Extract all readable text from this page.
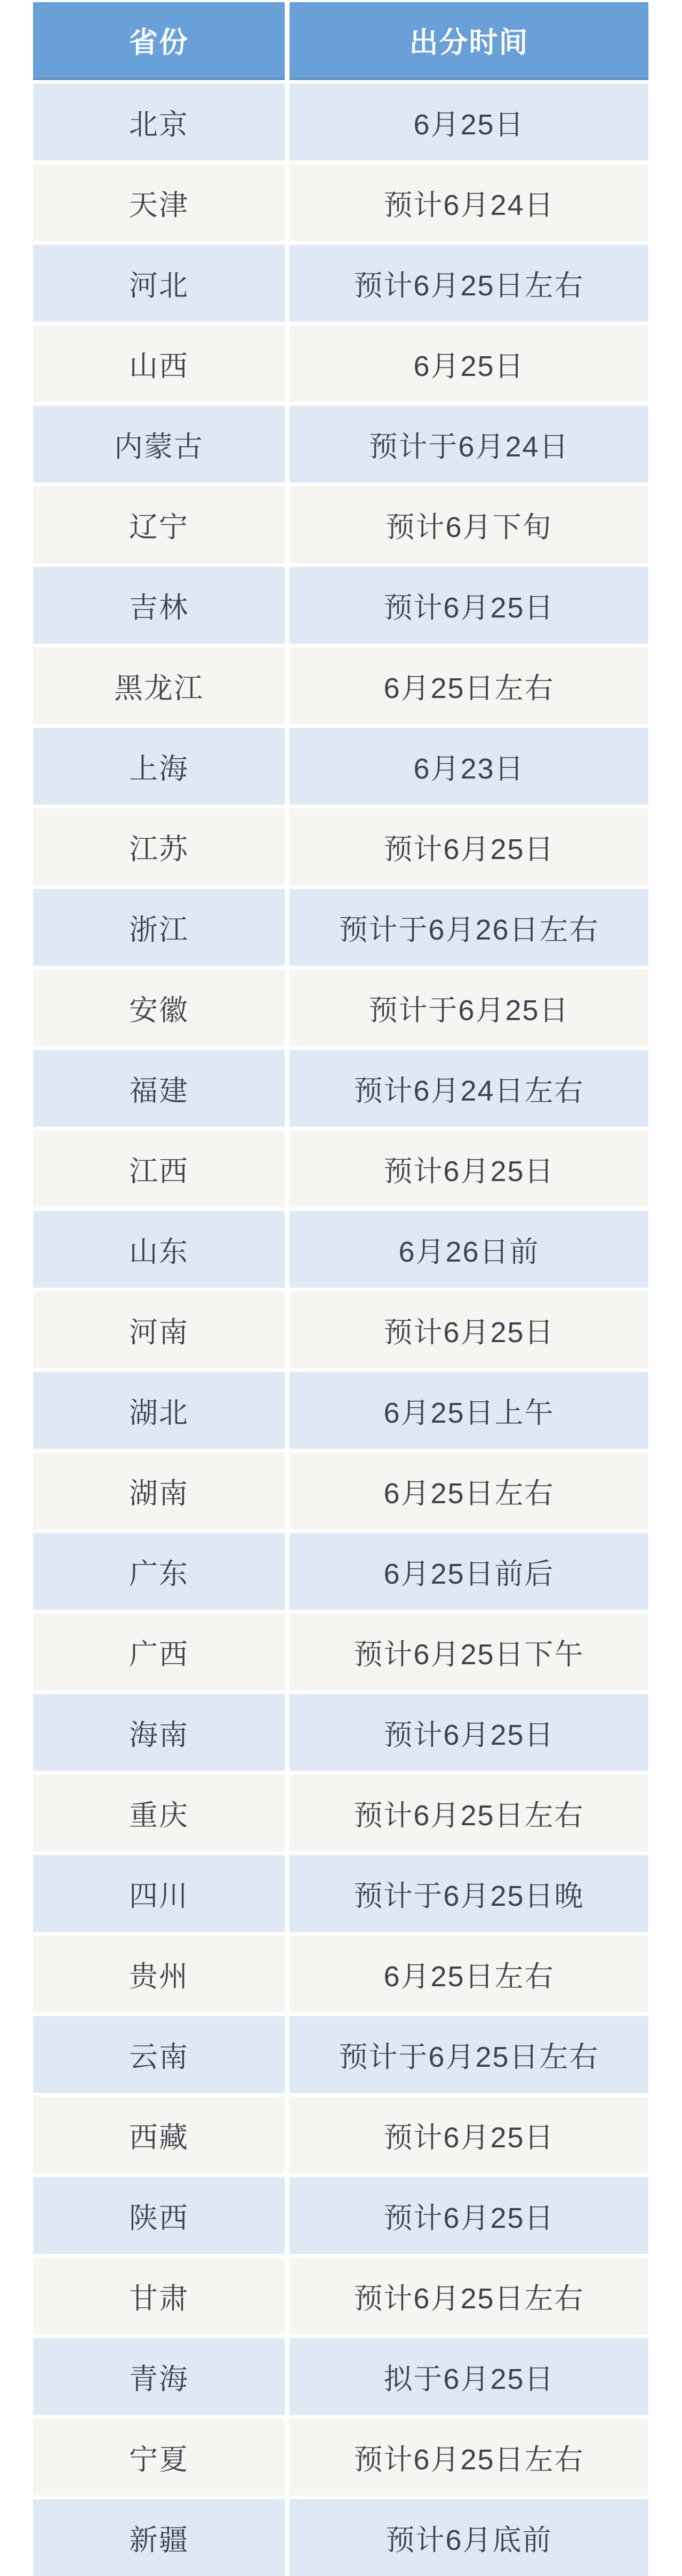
省份	出分时间
北京	6月25日
天津	预计6月24日
河北	预计6月25日左右
山西	6月25日
内蒙古	预计于6月24日
辽宁	预计6月下旬
吉林	预计6月25日
黑龙江	6月25日左右
上海	6月23日
江苏	预计6月25日
浙江	预计于6月26日左右
安徽	预计于6月25日
福建	预计6月24日左右
江西	预计6月25日
山东	6月26日前
河南	预计6月25日
湖北	6月25日上午
湖南	6月25日左右
广东	6月25日前后
广西	预计6月25日下午
海南	预计6月25日
重庆	预计6月25日左右
四川	预计于6月25日晚
贵州	6月25日左右
云南	预计于6月25日左右
西藏	预计6月25日
陕西	预计6月25日
甘肃	预计6月25日左右
青海	拟于6月25日
宁夏	预计6月25日左右
新疆	预计6月底前
